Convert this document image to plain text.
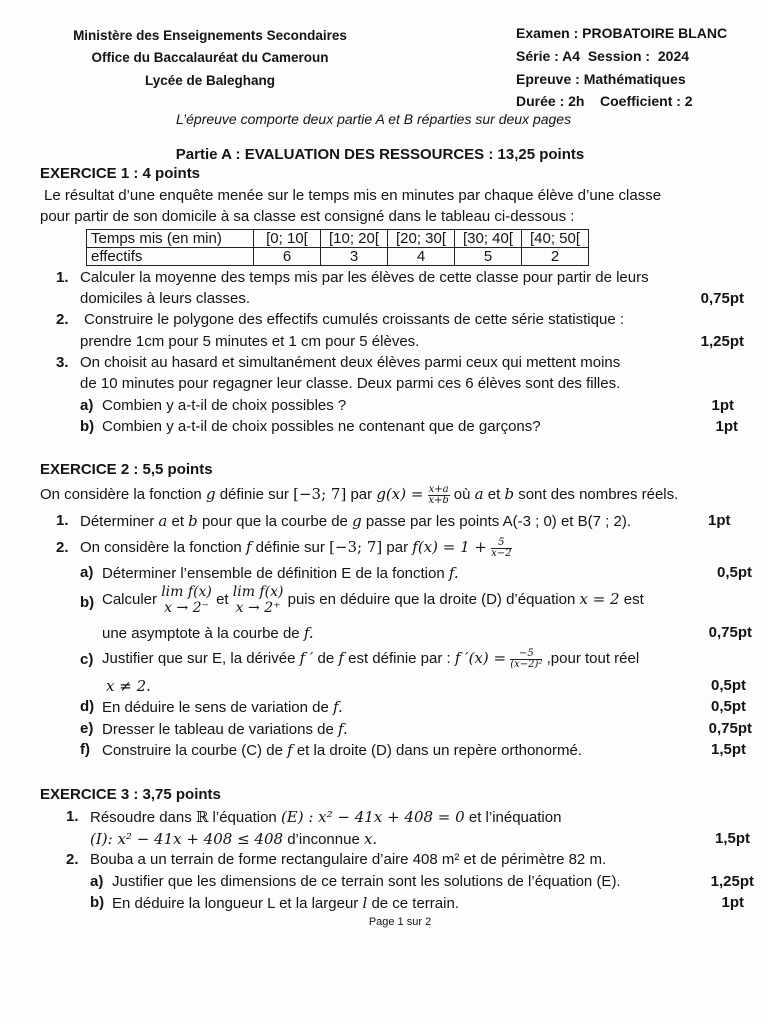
Ministère des Enseignements Secondaires
Office du Baccalauréat du Cameroun
Lycée de Baleghang
Examen : PROBATOIRE BLANC
Série : A4  Session :  2024
Epreuve : Mathématiques
Durée : 2h    Coefficient : 2
L’épreuve comporte deux partie A et B réparties sur deux pages
Partie A : EVALUATION DES RESSOURCES : 13,25 points
EXERCICE 1 : 4 points
Le résultat d’une enquête menée sur le temps mis en minutes par chaque élève d’une classe
pour partir de son domicile à sa classe est consigné dans le tableau ci-dessous :
Temps mis (en min)	[0; 10[	[10; 20[	[20; 30[	[30; 40[	[40; 50[
effectifs	6	3	4	5	2
1. Calculer la moyenne des temps mis par les élèves de cette classe pour partir de leurs
domiciles à leurs classes.	0,75pt
2. Construire le polygone des effectifs cumulés croissants de cette série statistique :
prendre 1cm pour 5 minutes et 1 cm pour 5 élèves.	1,25pt
3. On choisit au hasard et simultanément deux élèves parmi ceux qui mettent moins
de 10 minutes pour regagner leur classe. Deux parmi ces 6 élèves sont des filles.
a) Combien y a-t-il de choix possibles ?	1pt
b) Combien y a-t-il de choix possibles ne contenant que de garçons?	1pt
EXERCICE 2 : 5,5 points
On considère la fonction g définie sur [−3; 7] par $g(x) = \frac{x+a}{x+b}$ où a et b sont des nombres réels.
1. Déterminer a et b pour que la courbe de g passe par les points A(-3 ; 0) et B(7 ; 2).	1pt
2. On considère la fonction f définie sur [−3; 7] par $f(x) = 1 + \frac{5}{x-2}$
a) Déterminer l’ensemble de définition E de la fonction f.	0,5pt
b) Calculer lim f(x)
x → 2⁻
et lim f(x)
x → 2⁺
puis en déduire que la droite (D) d’équation x = 2 est
une asymptote à la courbe de f.	0,75pt
c) Justifier que sur E, la dérivée f ′ de f est définie par : f $'(x) = \frac{-5}{\text{(x−2)²}}$ ,pour tout réel
x ≠ 2.	0,5pt
d) En déduire le sens de variation de f.	0,5pt
e) Dresser le tableau de variations de f.	0,75pt
f) Construire la courbe (C) de f et la droite (D) dans un repère orthonormé.	1,5pt
EXERCICE 3 : 3,75 points
1. Résoudre dans ℝ l’équation (E) : x² − 41x + 408 = 0 et l’inéquation
(I): x² − 41x + 408 ≤ 408 d’inconnue x.	1,5pt
2. Bouba a un terrain de forme rectangulaire d’aire 408 m² et de périmètre 82 m.
a) Justifier que les dimensions de ce terrain sont les solutions de l’équation (E).	1,25pt
b) En déduire la longueur L et la largeur l de ce terrain.	1pt
Page 1 sur 2
